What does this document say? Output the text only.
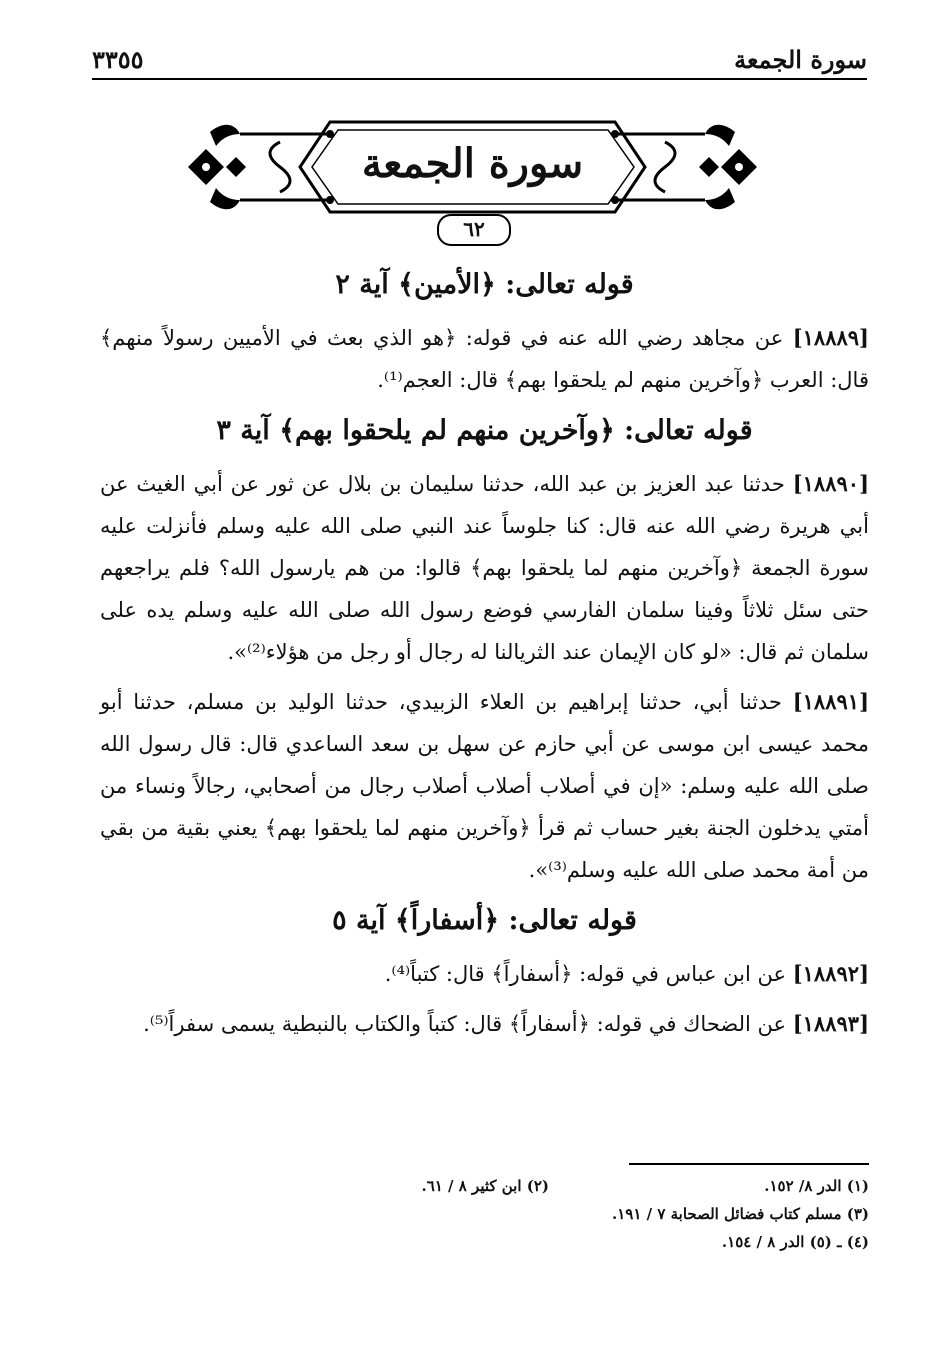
سورة الجمعة
٣٣٥٥
سورة الجمعة
٦٢
قوله تعالى: ﴿الأمين﴾ آية ٢

[١٨٨٨٩] عن مجاهد رضي الله عنه في قوله: ﴿هو الذي بعث في الأميين رسولاً منهم﴾ قال: العرب ﴿وآخرين منهم لم يلحقوا بهم﴾ قال: العجم⁽¹⁾.

قوله تعالى: ﴿وآخرين منهم لم يلحقوا بهم﴾ آية ٣

[١٨٨٩٠] حدثنا عبد العزيز بن عبد الله، حدثنا سليمان بن بلال عن ثور عن أبي الغيث عن أبي هريرة رضي الله عنه قال: كنا جلوساً عند النبي صلى الله عليه وسلم فأنزلت عليه سورة الجمعة ﴿وآخرين منهم لما يلحقوا بهم﴾ قالوا: من هم يارسول الله؟ فلم يراجعهم حتى سئل ثلاثاً وفينا سلمان الفارسي فوضع رسول الله صلى الله عليه وسلم يده على سلمان ثم قال: «لو كان الإيمان عند الثريالنا له رجال أو رجل من هؤلاء⁽²⁾».

[١٨٨٩١] حدثنا أبي، حدثنا إبراهيم بن العلاء الزبيدي، حدثنا الوليد بن مسلم، حدثنا أبو محمد عيسى ابن موسى عن أبي حازم عن سهل بن سعد الساعدي قال: قال رسول الله صلى الله عليه وسلم: «إن في أصلاب أصلاب أصلاب رجال من أصحابي، رجالاً ونساء من أمتي يدخلون الجنة بغير حساب ثم قرأ ﴿وآخرين منهم لما يلحقوا بهم﴾ يعني بقية من بقي من أمة محمد صلى الله عليه وسلم⁽³⁾».

قوله تعالى: ﴿أسفاراً﴾ آية ٥

[١٨٨٩٢] عن ابن عباس في قوله: ﴿أسفاراً﴾ قال: كتباً⁽⁴⁾.

[١٨٨٩٣] عن الضحاك في قوله: ﴿أسفاراً﴾ قال: كتباً والكتاب بالنبطية يسمى سفراً⁽⁵⁾.

(١) الدر ٨/ ١٥٢.
(٢) ابن كثير ٨ / ٦١.
(٣) مسلم كتاب فضائل الصحابة ٧ / ١٩١.
(٤) ـ (٥) الدر ٨ / ١٥٤.
